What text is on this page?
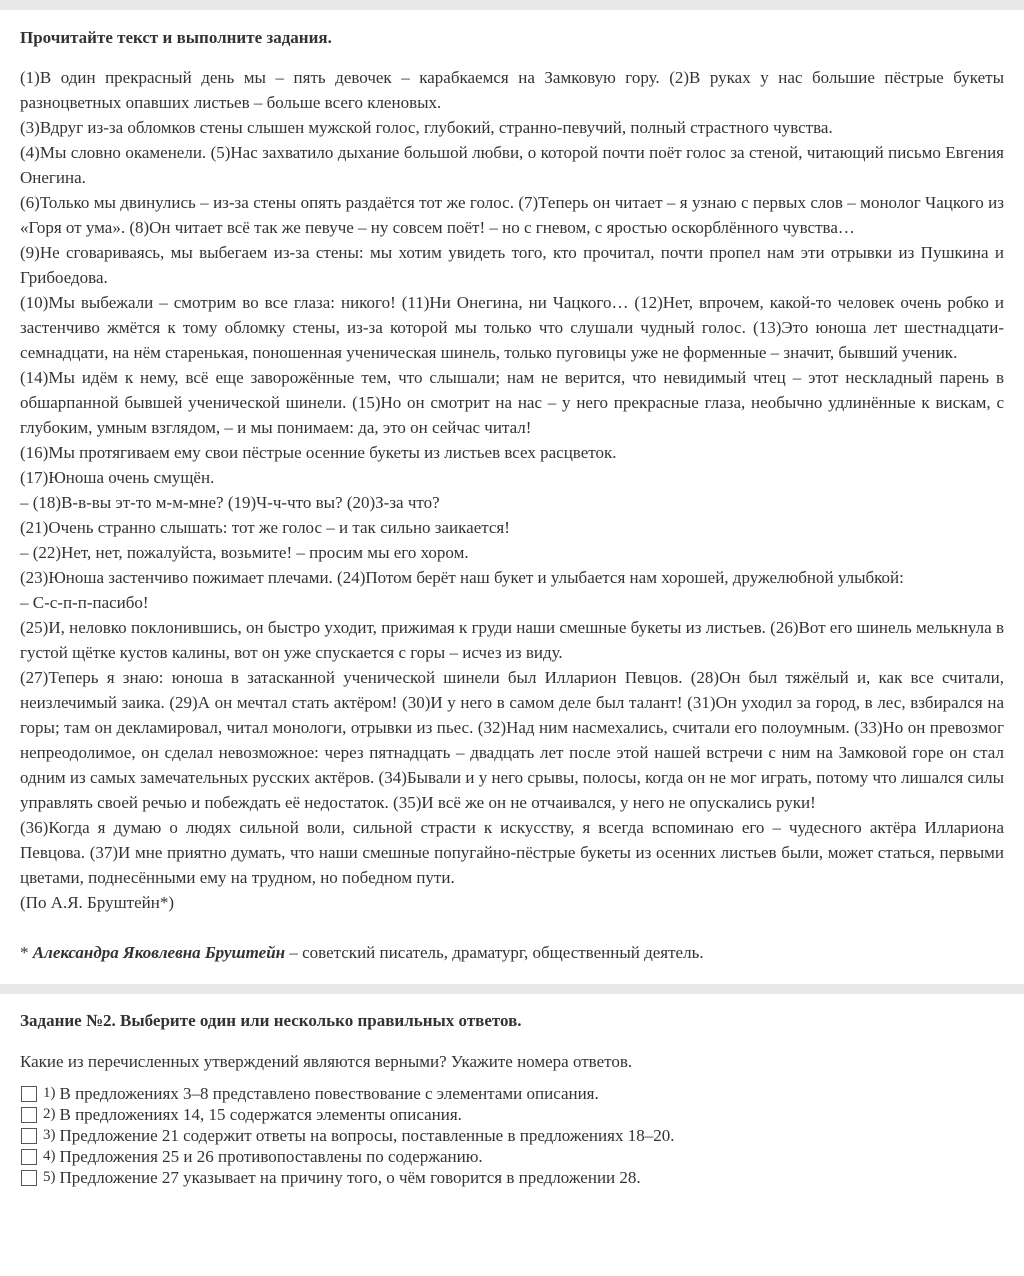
Прочитайте текст и выполните задания.

(1)В один прекрасный день мы – пять девочек – карабкаемся на Замковую гору. (2)В руках у нас большие пёстрые букеты разноцветных опавших листьев – больше всего кленовых.

(3)Вдруг из-за обломков стены слышен мужской голос, глубокий, странно-певучий, полный страстного чувства.

(4)Мы словно окаменели. (5)Нас захватило дыхание большой любви, о которой почти поёт голос за стеной, читающий письмо Евгения Онегина.

(6)Только мы двинулись – из-за стены опять раздаётся тот же голос. (7)Теперь он читает – я узнаю с первых слов – монолог Чацкого из «Горя от ума». (8)Он читает всё так же певуче – ну совсем поёт! – но с гневом, с яростью оскорблённого чувства…

(9)Не сговариваясь, мы выбегаем из-за стены: мы хотим увидеть того, кто прочитал, почти пропел нам эти отрывки из Пушкина и Грибоедова.

(10)Мы выбежали – смотрим во все глаза: никого! (11)Ни Онегина, ни Чацкого… (12)Нет, впрочем, какой-то человек очень робко и застенчиво жмётся к тому обломку стены, из-за которой мы только что слушали чудный голос. (13)Это юноша лет шестнадцати-семнадцати, на нём старенькая, поношенная ученическая шинель, только пуговицы уже не форменные – значит, бывший ученик.

(14)Мы идём к нему, всё еще заворожённые тем, что слышали; нам не верится, что невидимый чтец – этот нескладный парень в обшарпанной бывшей ученической шинели. (15)Но он смотрит на нас – у него прекрасные глаза, необычно удлинённые к вискам, с глубоким, умным взглядом, – и мы понимаем: да, это он сейчас читал!

(16)Мы протягиваем ему свои пёстрые осенние букеты из листьев всех расцветок.

(17)Юноша очень смущён.

– (18)В-в-вы эт-то м-м-мне? (19)Ч-ч-что вы? (20)З-за что?

(21)Очень странно слышать: тот же голос – и так сильно заикается!

– (22)Нет, нет, пожалуйста, возьмите! – просим мы его хором.

(23)Юноша застенчиво пожимает плечами. (24)Потом берёт наш букет и улыбается нам хорошей, дружелюбной улыбкой:

– С-с-п-п-пасибо!

(25)И, неловко поклонившись, он быстро уходит, прижимая к груди наши смешные букеты из листьев. (26)Вот его шинель мелькнула в густой щётке кустов калины, вот он уже спускается с горы – исчез из виду.

(27)Теперь я знаю: юноша в затасканной ученической шинели был Илларион Певцов. (28)Он был тяжёлый и, как все считали, неизлечимый заика. (29)А он мечтал стать актёром! (30)И у него в самом деле был талант! (31)Он уходил за город, в лес, взбирался на горы; там он декламировал, читал монологи, отрывки из пьес. (32)Над ним насмехались, считали его полоумным. (33)Но он превозмог непреодолимое, он сделал невозможное: через пятнадцать – двадцать лет после этой нашей встречи с ним на Замковой горе он стал одним из самых замечательных русских актёров. (34)Бывали и у него срывы, полосы, когда он не мог играть, потому что лишался силы управлять своей речью и побеждать её недостаток. (35)И всё же он не отчаивался, у него не опускались руки!

(36)Когда я думаю о людях сильной воли, сильной страсти к искусству, я всегда вспоминаю его – чудесного актёра Иллариона Певцова. (37)И мне приятно думать, что наши смешные попугайно-пёстрые букеты из осенних листьев были, может статься, первыми цветами, поднесёнными ему на трудном, но победном пути.

(По А.Я. Бруштейн*)

* Александра Яковлевна Бруштейн – советский писатель, драматург, общественный деятель.
Задание №2. Выберите один или несколько правильных ответов.
Какие из перечисленных утверждений являются верными? Укажите номера ответов.
1) В предложениях 3–8 представлено повествование с элементами описания.
2) В предложениях 14, 15 содержатся элементы описания.
3) Предложение 21 содержит ответы на вопросы, поставленные в предложениях 18–20.
4) Предложения 25 и 26 противопоставлены по содержанию.
5) Предложение 27 указывает на причину того, о чём говорится в предложении 28.
